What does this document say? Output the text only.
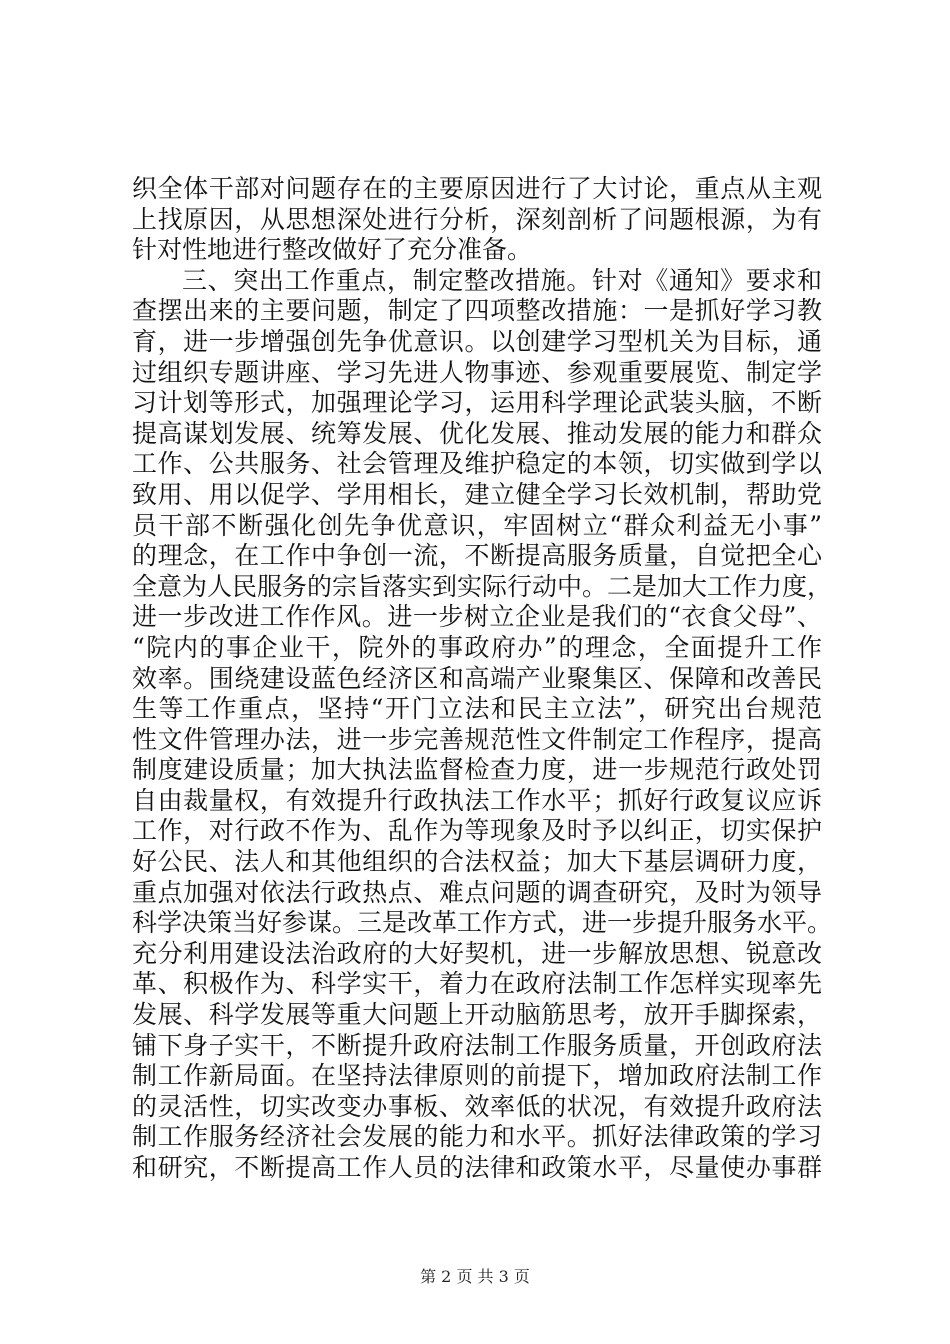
织全体干部对问题存在的主要原因进行了大讨论，重点从主观
上找原因，从思想深处进行分析，深刻剖析了问题根源，为有
针对性地进行整改做好了充分准备。
三、突出工作重点，制定整改措施。针对《通知》要求和
查摆出来的主要问题，制定了四项整改措施：一是抓好学习教
育，进一步增强创先争优意识。以创建学习型机关为目标，通
过组织专题讲座、学习先进人物事迹、参观重要展览、制定学
习计划等形式，加强理论学习，运用科学理论武装头脑，不断
提高谋划发展、统筹发展、优化发展、推动发展的能力和群众
工作、公共服务、社会管理及维护稳定的本领，切实做到学以
致用、用以促学、学用相长，建立健全学习长效机制，帮助党
员干部不断强化创先争优意识，牢固树立“群众利益无小事”
的理念，在工作中争创一流，不断提高服务质量，自觉把全心
全意为人民服务的宗旨落实到实际行动中。二是加大工作力度，
进一步改进工作作风。进一步树立企业是我们的“衣食父母”、
“院内的事企业干，院外的事政府办”的理念，全面提升工作
效率。围绕建设蓝色经济区和高端产业聚集区、保障和改善民
生等工作重点，坚持“开门立法和民主立法”，研究出台规范
性文件管理办法，进一步完善规范性文件制定工作程序，提高
制度建设质量；加大执法监督检查力度，进一步规范行政处罚
自由裁量权，有效提升行政执法工作水平；抓好行政复议应诉
工作，对行政不作为、乱作为等现象及时予以纠正，切实保护
好公民、法人和其他组织的合法权益；加大下基层调研力度，
重点加强对依法行政热点、难点问题的调查研究，及时为领导
科学决策当好参谋。三是改革工作方式，进一步提升服务水平。
充分利用建设法治政府的大好契机，进一步解放思想、锐意改
革、积极作为、科学实干，着力在政府法制工作怎样实现率先
发展、科学发展等重大问题上开动脑筋思考，放开手脚探索，
铺下身子实干，不断提升政府法制工作服务质量，开创政府法
制工作新局面。在坚持法律原则的前提下，增加政府法制工作
的灵活性，切实改变办事板、效率低的状况，有效提升政府法
制工作服务经济社会发展的能力和水平。抓好法律政策的学习
和研究，不断提高工作人员的法律和政策水平，尽量使办事群
第 2 页 共 3 页
